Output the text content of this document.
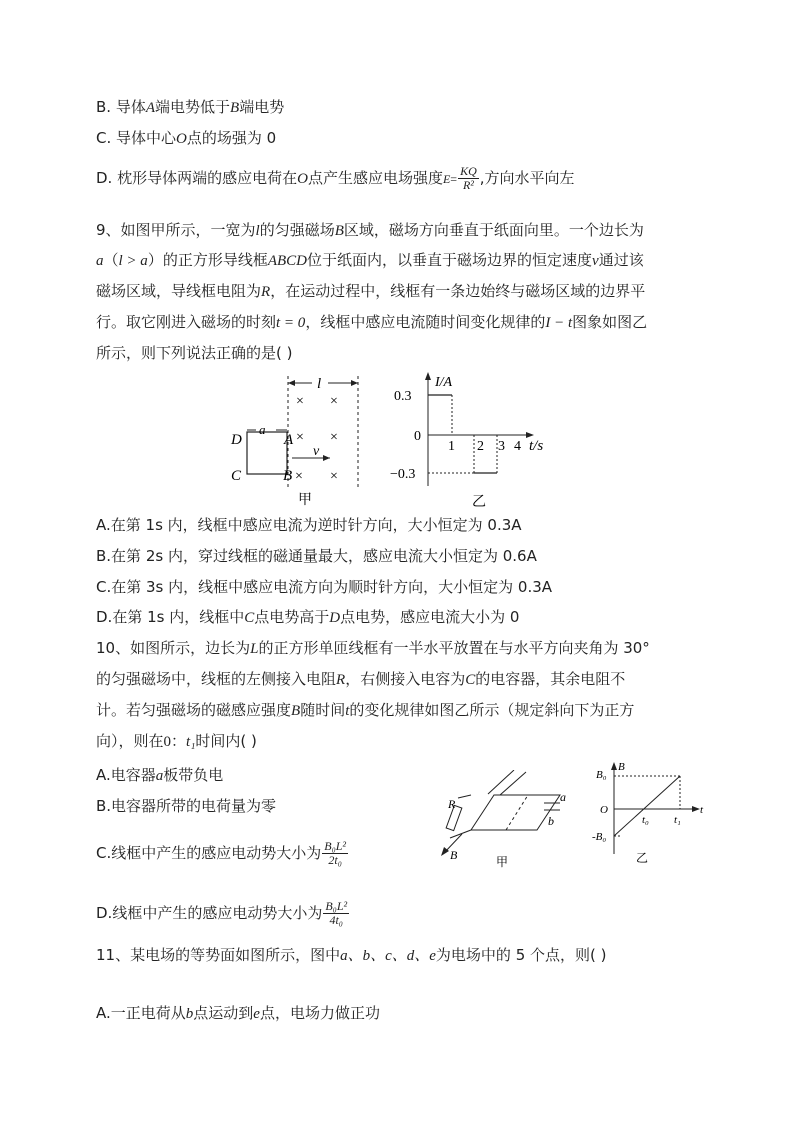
B. 导体A端电势低于B端电势
C. 导体中心O点的场强为 0
D. 枕形导体两端的感应电荷在O点产生感应电场强度$E= \frac{KQ}{\text{R²}}$ ,方向水平向左
9、如图甲所示，一宽为l的匀强磁场B区域，磁场方向垂直于纸面向里。一个边长为
a（l > a）的正方形导线框ABCD位于纸面内，以垂直于磁场边界的恒定速度v通过该
磁场区域，导线框电阻为R，在运动过程中，线框有一条边始终与磁场区域的边界平
行。取它刚进入磁场的时刻t = 0，线框中感应电流随时间变化规律的I − t图象如图乙
所示，则下列说法正确的是( )
l
× ×
× ×
×
a
D
C
A
B ×
v
甲
I/A
0.3
0
−0.3
1 2 3 4 t/s
乙
A.在第 1s 内，线框中感应电流为逆时针方向，大小恒定为 0.3A
B.在第 2s 内，穿过线框的磁通量最大，感应电流大小恒定为 0.6A
C.在第 3s 内，线框中感应电流方向为顺时针方向，大小恒定为 0.3A
D.在第 1s 内，线框中C点电势高于D点电势，感应电流大小为 0
10、如图所示，边长为L的正方形单匝线框有一半水平放置在与水平方向夹角为 30°
的匀强磁场中，线框的左侧接入电阻R，右侧接入电容为C的电容器，其余电阻不
计。若匀强磁场的磁感应强度B随时间t的变化规律如图乙所示（规定斜向下为正方
向），则在0：t₁时间内( )
A.电容器a板带负电
B.电容器所带的电荷量为零
C.线框中产生的感应电动势大小为 $\frac{\text{B₀L²}}{\text{2t₀}}$
D.线框中产生的感应电动势大小为 $\frac{\text{B₀L²}}{\text{4t₀}}$
R	a
b
B	甲
B
B₀
O
t₀ t₁
t
-B₀
乙
11、某电场的等势面如图所示，图中a、b、c、d、e为电场中的 5 个点，则( )
A.一正电荷从b点运动到e点，电场力做正功
